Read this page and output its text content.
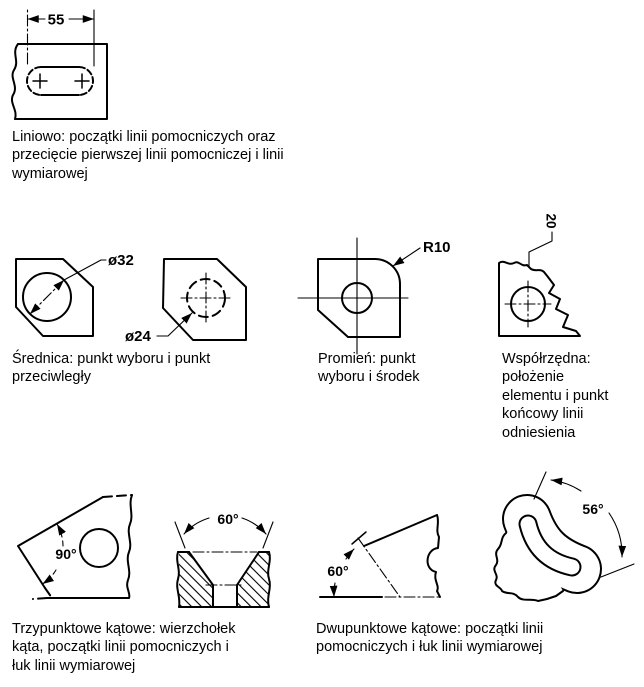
55
ø32
ø24
R10
20
90°
60°
60°
56°
Liniowo: początki linii pomocniczych oraz
przecięcie pierwszej linii pomocniczej i linii
wymiarowej
Średnica: punkt wyboru i punkt
przeciwległy
Promień: punkt
wyboru i środek
Współrzędna:
położenie
elementu i punkt
końcowy linii
odniesienia
Trzypunktowe kątowe: wierzchołek
kąta, początki linii pomocniczych i
łuk linii wymiarowej
Dwupunktowe kątowe: początki linii
pomocniczych i łuk linii wymiarowej
